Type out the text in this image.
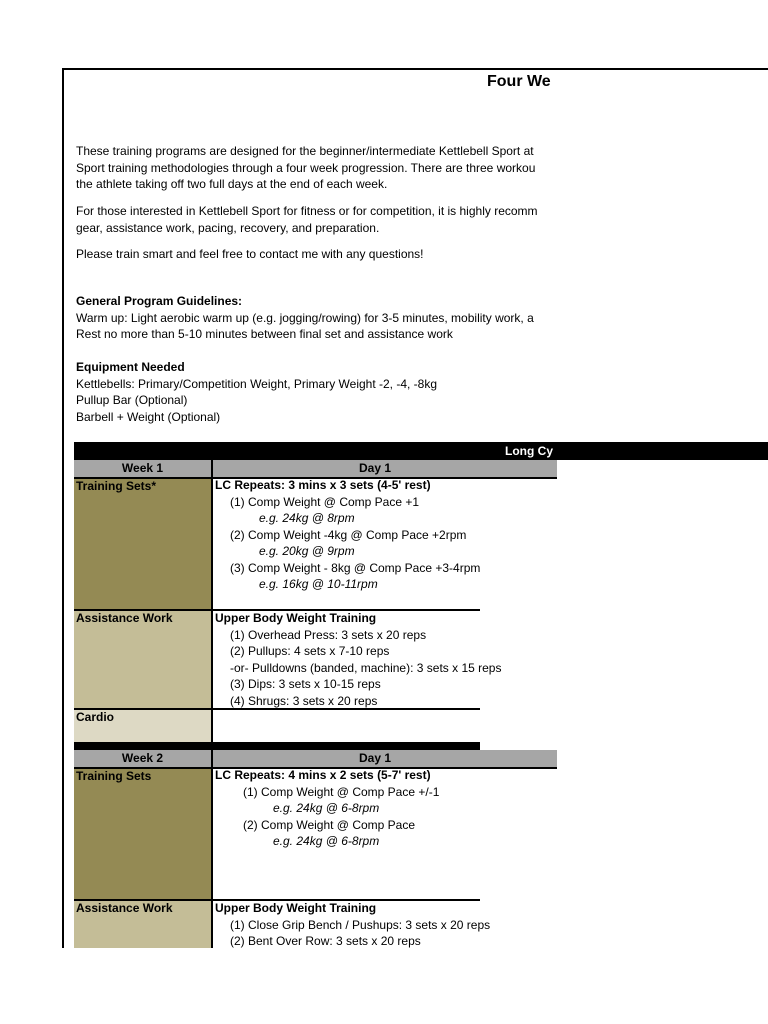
Four We
These training programs are designed for the beginner/intermediate Kettlebell Sport at
Sport training methodologies through a four week progression. There are three workou
the athlete taking off two full days at the end of each week.
For those interested in Kettlebell Sport for fitness or for competition, it is highly recomm
gear, assistance work, pacing, recovery, and preparation.
Please train smart and feel free to contact me with any questions!
General Program Guidelines:
Warm up: Light aerobic warm up (e.g. jogging/rowing) for 3-5 minutes, mobility work, a
Rest no more than 5-10 minutes between final set and assistance work
Equipment Needed
Kettlebells: Primary/Competition Weight, Primary Weight -2, -4, -8kg
Pullup Bar (Optional)
Barbell + Weight (Optional)
Long Cy
Week 1	Day 1
Training Sets*	LC Repeats: 3 mins x 3 sets (4-5' rest)
(1) Comp Weight @ Comp Pace +1
e.g. 24kg @ 8rpm
(2) Comp Weight -4kg @ Comp Pace +2rpm
e.g. 20kg @ 9rpm
(3) Comp Weight - 8kg @ Comp Pace +3-4rpm
e.g. 16kg @ 10-11rpm
Assistance Work	Upper Body Weight Training
(1) Overhead Press: 3 sets x 20 reps
(2) Pullups: 4 sets x 7-10 reps
-or- Pulldowns (banded, machine): 3 sets x 15 reps
(3) Dips: 3 sets x 10-15 reps
(4) Shrugs: 3 sets x 20 reps
Cardio
Week 2	Day 1
Training Sets	LC Repeats: 4 mins x 2 sets (5-7' rest)
(1) Comp Weight @ Comp Pace +/-1
e.g. 24kg @ 6-8rpm
(2) Comp Weight @ Comp Pace
e.g. 24kg @ 6-8rpm
Assistance Work	Upper Body Weight Training
(1) Close Grip Bench / Pushups: 3 sets x 20 reps
(2) Bent Over Row: 3 sets x 20 reps
